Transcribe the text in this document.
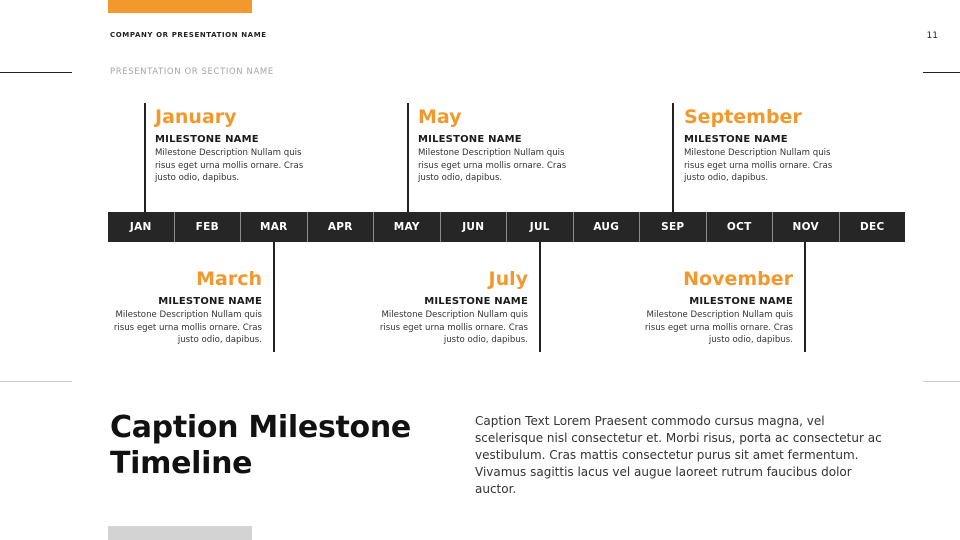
COMPANY OR PRESENTATION NAME	11
PRESENTATION OR SECTION NAME
January
MILESTONE NAME
Milestone Description Nullam quis risus eget urna mollis ornare. Cras justo odio, dapibus.
May
MILESTONE NAME
Milestone Description Nullam quis risus eget urna mollis ornare. Cras justo odio, dapibus.
September
MILESTONE NAME
Milestone Description Nullam quis risus eget urna mollis ornare. Cras justo odio, dapibus.
JAN	FEB	MAR	APR	MAY	JUN	JUL	AUG	SEP	OCT	NOV	DEC
March
MILESTONE NAME
Milestone Description Nullam quis risus eget urna mollis ornare. Cras justo odio, dapibus.
July
MILESTONE NAME
Milestone Description Nullam quis risus eget urna mollis ornare. Cras justo odio, dapibus.
November
MILESTONE NAME
Milestone Description Nullam quis risus eget urna mollis ornare. Cras justo odio, dapibus.
Caption Milestone Timeline
Caption Text Lorem Praesent commodo cursus magna, vel scelerisque nisl consectetur et. Morbi risus, porta ac consectetur ac vestibulum. Cras mattis consectetur purus sit amet fermentum. Vivamus sagittis lacus vel augue laoreet rutrum faucibus dolor auctor.
